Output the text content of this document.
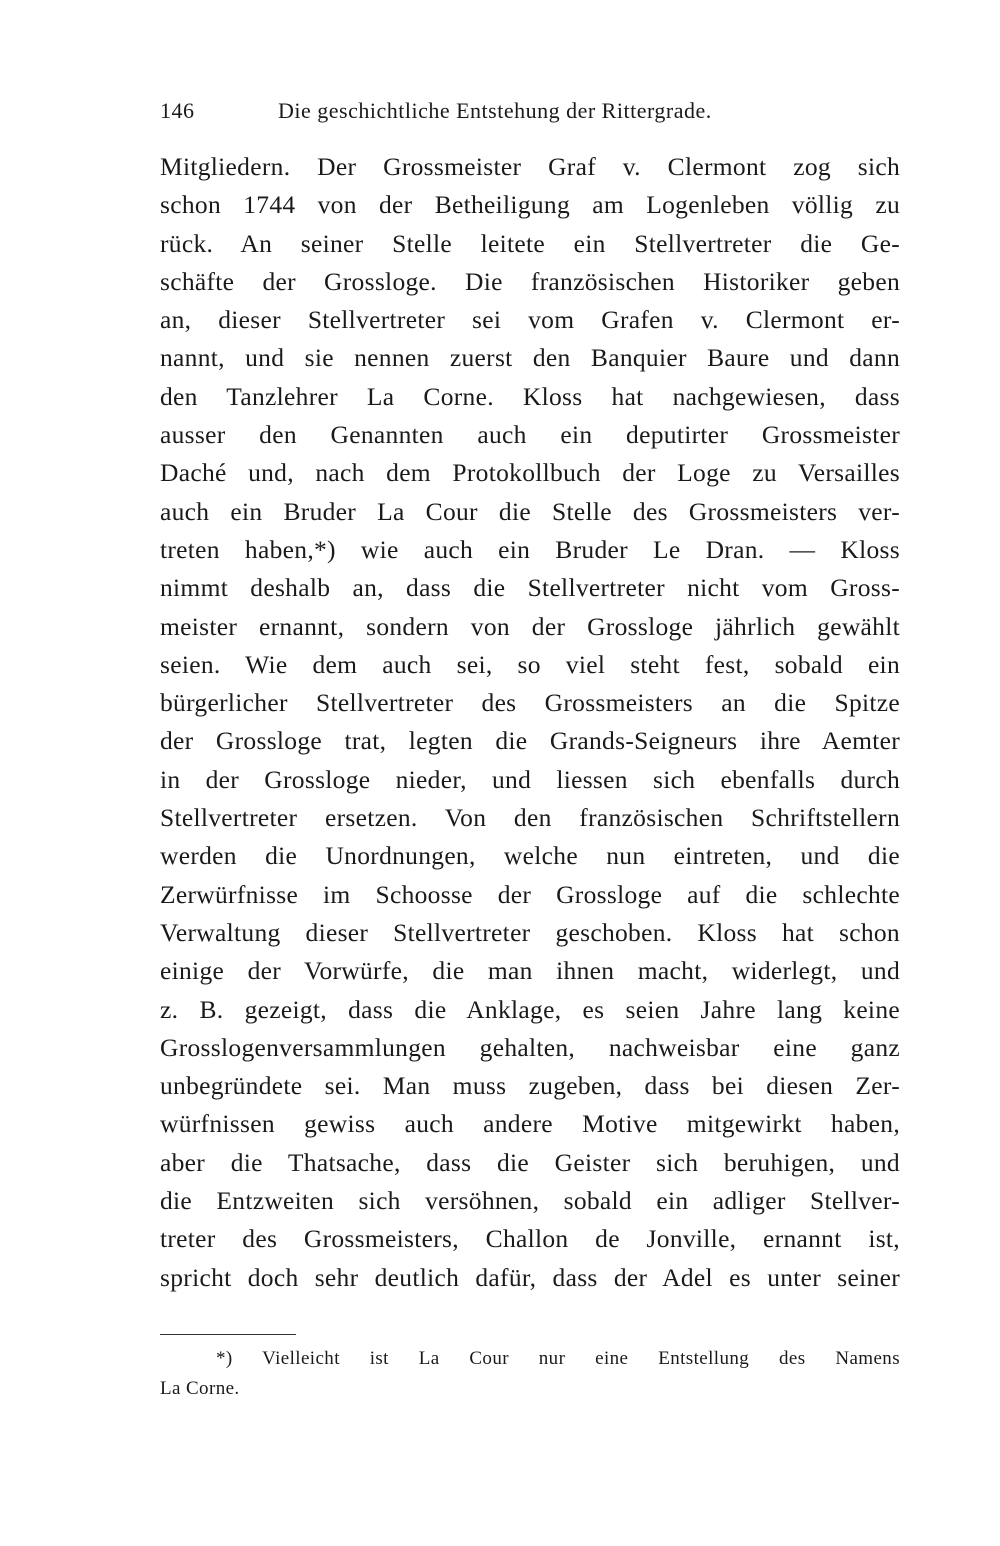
146	Die geschichtliche Entstehung der Rittergrade.
Mitgliedern. Der Grossmeister Graf v. Clermont zog sich
schon 1744 von der Betheiligung am Logenleben völlig zu
rück. An seiner Stelle leitete ein Stellvertreter die Ge-
schäfte der Grossloge. Die französischen Historiker geben
an, dieser Stellvertreter sei vom Grafen v. Clermont er-
nannt, und sie nennen zuerst den Banquier Baure und dann
den Tanzlehrer La Corne. Kloss hat nachgewiesen, dass
ausser den Genannten auch ein deputirter Grossmeister
Daché und, nach dem Protokollbuch der Loge zu Versailles
auch ein Bruder La Cour die Stelle des Grossmeisters ver-
treten haben,*) wie auch ein Bruder Le Dran. — Kloss
nimmt deshalb an, dass die Stellvertreter nicht vom Gross-
meister ernannt, sondern von der Grossloge jährlich gewählt
seien. Wie dem auch sei, so viel steht fest, sobald ein
bürgerlicher Stellvertreter des Grossmeisters an die Spitze
der Grossloge trat, legten die Grands-Seigneurs ihre Aemter
in der Grossloge nieder, und liessen sich ebenfalls durch
Stellvertreter ersetzen. Von den französischen Schriftstellern
werden die Unordnungen, welche nun eintreten, und die
Zerwürfnisse im Schoosse der Grossloge auf die schlechte
Verwaltung dieser Stellvertreter geschoben. Kloss hat schon
einige der Vorwürfe, die man ihnen macht, widerlegt, und
z. B. gezeigt, dass die Anklage, es seien Jahre lang keine
Grosslogenversammlungen gehalten, nachweisbar eine ganz
unbegründete sei. Man muss zugeben, dass bei diesen Zer-
würfnissen gewiss auch andere Motive mitgewirkt haben,
aber die Thatsache, dass die Geister sich beruhigen, und
die Entzweiten sich versöhnen, sobald ein adliger Stellver-
treter des Grossmeisters, Challon de Jonville, ernannt ist,
spricht doch sehr deutlich dafür, dass der Adel es unter seiner
*) Vielleicht ist La Cour nur eine Entstellung des Namens
La Corne.
